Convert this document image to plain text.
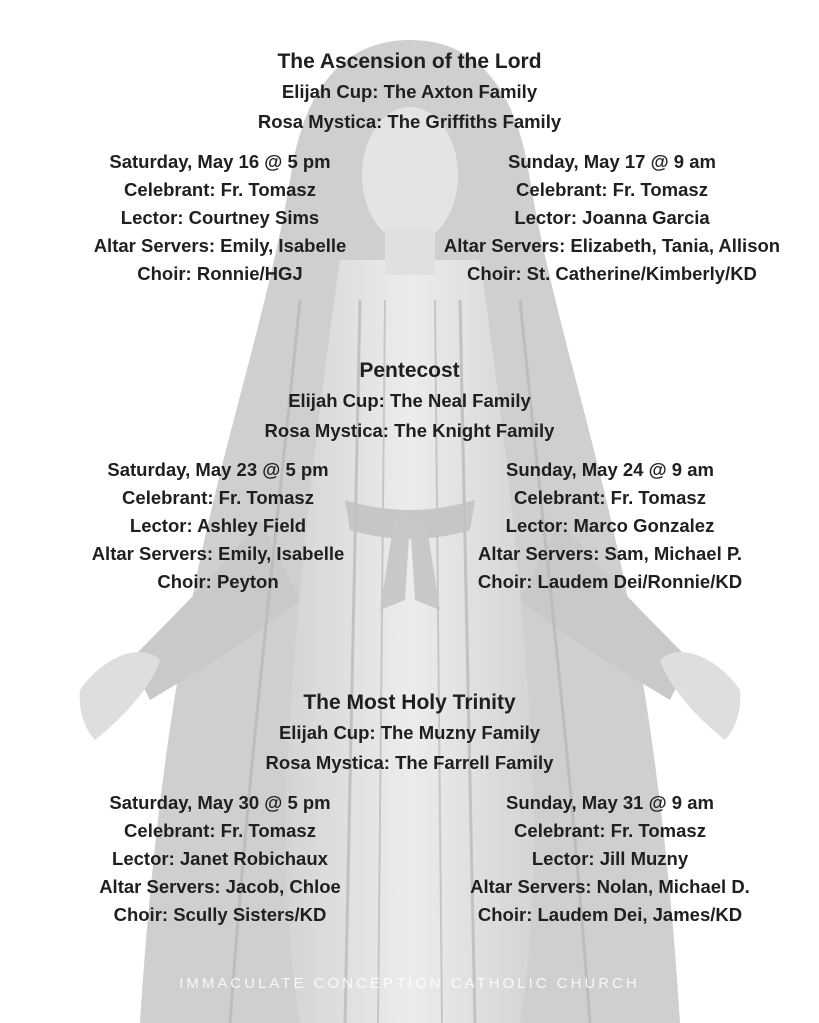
The Ascension of the Lord
Elijah Cup: The Axton Family
Rosa Mystica: The Griffiths Family
Saturday, May 16 @ 5 pm
Celebrant: Fr. Tomasz
Lector: Courtney Sims
Altar Servers: Emily, Isabelle
Choir: Ronnie/HGJ
Sunday, May 17 @ 9 am
Celebrant: Fr. Tomasz
Lector: Joanna Garcia
Altar Servers: Elizabeth, Tania, Allison
Choir: St. Catherine/Kimberly/KD
Pentecost
Elijah Cup: The Neal Family
Rosa Mystica: The Knight Family
Saturday, May 23 @ 5 pm
Celebrant: Fr. Tomasz
Lector: Ashley Field
Altar Servers: Emily, Isabelle
Choir: Peyton
Sunday, May 24 @ 9 am
Celebrant: Fr. Tomasz
Lector: Marco Gonzalez
Altar Servers: Sam, Michael P.
Choir: Laudem Dei/Ronnie/KD
The Most Holy Trinity
Elijah Cup: The Muzny Family
Rosa Mystica: The Farrell Family
Saturday, May 30 @ 5 pm
Celebrant: Fr. Tomasz
Lector: Janet Robichaux
Altar Servers: Jacob, Chloe
Choir: Scully Sisters/KD
Sunday, May 31 @ 9 am
Celebrant: Fr. Tomasz
Lector: Jill Muzny
Altar Servers: Nolan, Michael D.
Choir: Laudem Dei, James/KD
IMMACULATE CONCEPTION CATHOLIC CHURCH
